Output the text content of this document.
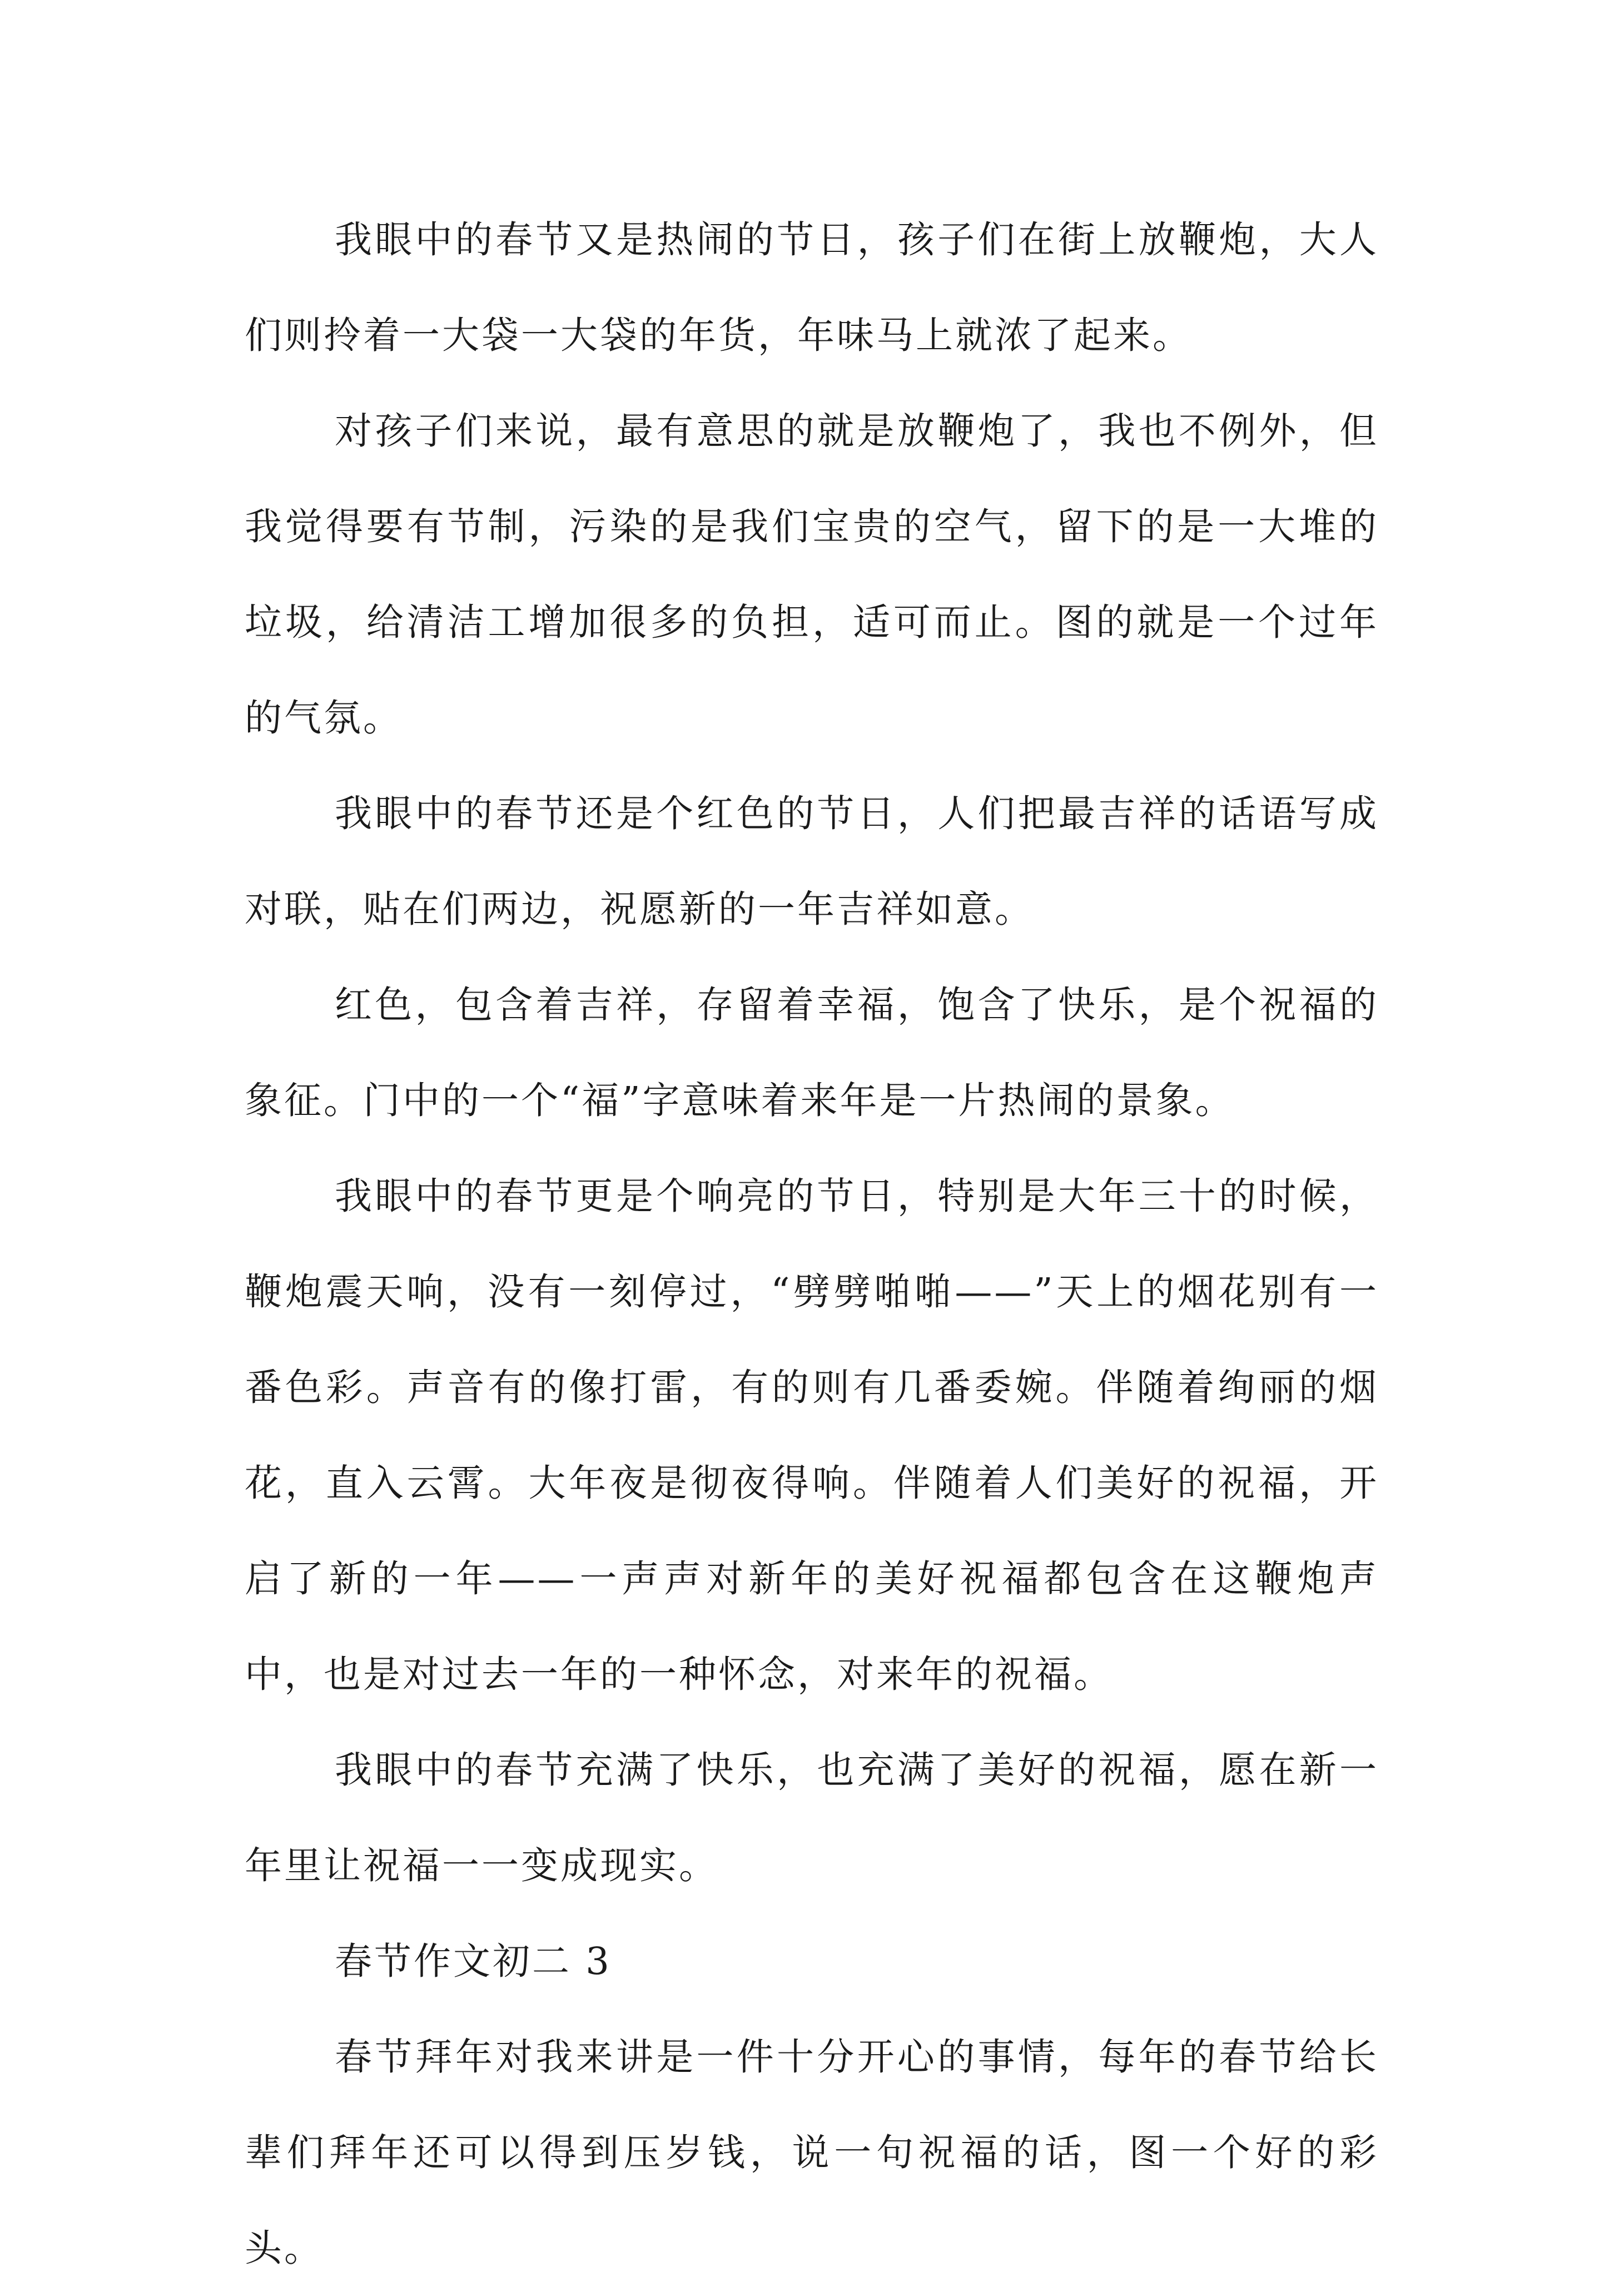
我眼中的春节又是热闹的节日，孩子们在街上放鞭炮，大人们则拎着一大袋一大袋的年货，年味马上就浓了起来。

对孩子们来说，最有意思的就是放鞭炮了，我也不例外，但我觉得要有节制，污染的是我们宝贵的空气，留下的是一大堆的垃圾，给清洁工增加很多的负担，适可而止。图的就是一个过年的气氛。

我眼中的春节还是个红色的节日，人们把最吉祥的话语写成对联，贴在们两边，祝愿新的一年吉祥如意。

红色，包含着吉祥，存留着幸福，饱含了快乐，是个祝福的象征。门中的一个“福”字意味着来年是一片热闹的景象。

我眼中的春节更是个响亮的节日，特别是大年三十的时候，鞭炮震天响，没有一刻停过，“劈劈啪啪——”天上的烟花别有一番色彩。声音有的像打雷，有的则有几番委婉。伴随着绚丽的烟花，直入云霄。大年夜是彻夜得响。伴随着人们美好的祝福，开启了新的一年——一声声对新年的美好祝福都包含在这鞭炮声中，也是对过去一年的一种怀念，对来年的祝福。

我眼中的春节充满了快乐，也充满了美好的祝福，愿在新一年里让祝福一一变成现实。

春节作文初二 3

春节拜年对我来讲是一件十分开心的事情，每年的春节给长辈们拜年还可以得到压岁钱，说一句祝福的话，图一个好的彩头。
